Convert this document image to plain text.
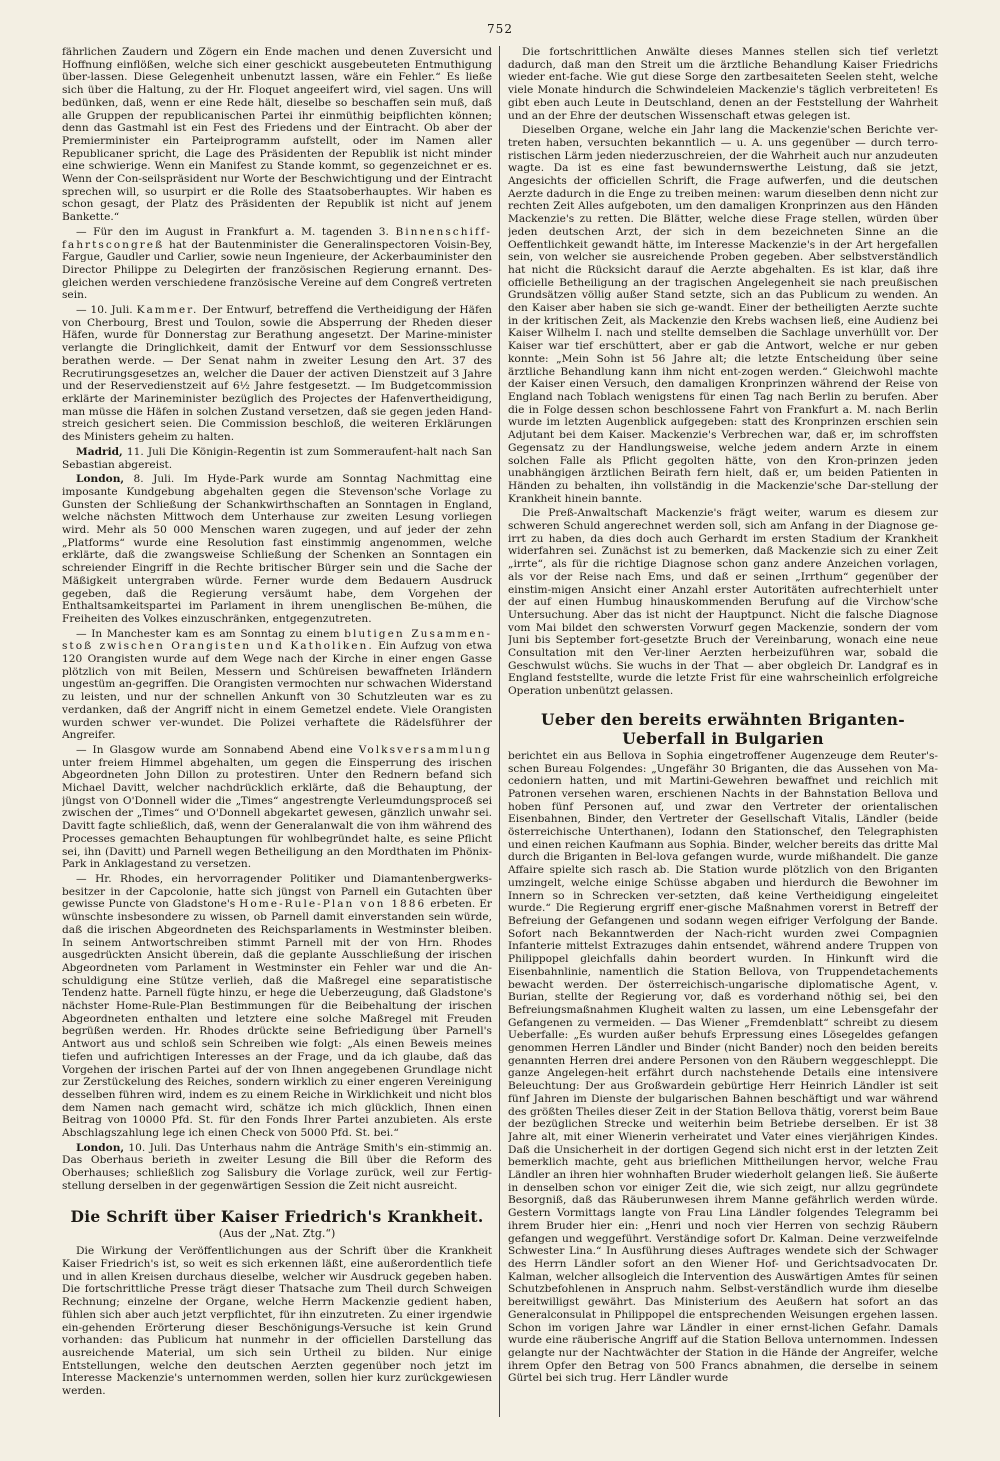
752

fährlichen Zaudern und Zögern ein Ende machen und denen Zuversicht und Hoffnung einflößen, welche sich einer geschickt ausgebeuteten Entmuthigung über-lassen. Diese Gelegenheit unbenutzt lassen, wäre ein Fehler.“ Es ließe sich über die Haltung, zu der Hr. Floquet angeeifert wird, viel sagen. Uns will bedünken, daß, wenn er eine Rede hält, dieselbe so beschaffen sein muß, daß alle Gruppen der republicanischen Partei ihr einmüthig beipflichten können; denn das Gastmahl ist ein Fest des Friedens und der Eintracht. Ob aber der Premierminister ein Parteiprogramm aufstellt, oder im Namen aller Republicaner spricht, die Lage des Präsidenten der Republik ist nicht minder eine schwierige. Wenn ein Manifest zu Stande kommt, so gegenzeichnet er es. Wenn der Con-seilspräsident nur Worte der Beschwichtigung und der Eintracht sprechen will, so usurpirt er die Rolle des Staatsoberhauptes. Wir haben es schon gesagt, der Platz des Präsidenten der Republik ist nicht auf jenem Bankette.“

— Für den im August in Frankfurt a. M. tagenden 3. Binnenschiff-fahrtscongreß hat der Bautenminister die Generalinspectoren Voisin-Bey, Fargue, Gaudler und Carlier, sowie neun Ingenieure, der Ackerbauminister den Director Philippe zu Delegirten der französischen Regierung ernannt. Des-gleichen werden verschiedene französische Vereine auf dem Congreß vertreten sein.

— 10. Juli. Kammer. Der Entwurf, betreffend die Vertheidigung der Häfen von Cherbourg, Brest und Toulon, sowie die Absperrung der Rheden dieser Häfen, wurde für Donnerstag zur Berathung angesetzt. Der Marine-minister verlangte die Dringlichkeit, damit der Entwurf vor dem Sessionsschlusse berathen werde. — Der Senat nahm in zweiter Lesung den Art. 37 des Recrutirungsgesetzes an, welcher die Dauer der activen Dienstzeit auf 3 Jahre und der Reservedienstzeit auf 6½ Jahre festgesetzt. — Im Budgetcommission erklärte der Marineminister bezüglich des Projectes der Hafenvertheidigung, man müsse die Häfen in solchen Zustand versetzen, daß sie gegen jeden Hand-streich gesichert seien. Die Commission beschloß, die weiteren Erklärungen des Ministers geheim zu halten.

Madrid, 11. Juli Die Königin-Regentin ist zum Sommeraufent-halt nach San Sebastian abgereist.

London, 8. Juli. Im Hyde-Park wurde am Sonntag Nachmittag eine imposante Kundgebung abgehalten gegen die Stevenson'sche Vorlage zu Gunsten der Schließung der Schankwirthschaften an Sonntagen in England, welche nächsten Mittwoch dem Unterhause zur zweiten Lesung vorliegen wird. Mehr als 50 000 Menschen waren zugegen, und auf jeder der zehn „Platforms“ wurde eine Resolution fast einstimmig angenommen, welche erklärte, daß die zwangsweise Schließung der Schenken an Sonntagen ein schreiender Eingriff in die Rechte britischer Bürger sein und die Sache der Mäßigkeit untergraben würde. Ferner wurde dem Bedauern Ausdruck gegeben, daß die Regierung versäumt habe, dem Vorgehen der Enthaltsamkeitspartei im Parlament in ihrem unenglischen Be-mühen, die Freiheiten des Volkes einzuschränken, entgegenzutreten.

— In Manchester kam es am Sonntag zu einem blutigen Zusammen-stoß zwischen Orangisten und Katholiken. Ein Aufzug von etwa 120 Orangisten wurde auf dem Wege nach der Kirche in einer engen Gasse plötzlich von mit Beilen, Messern und Schüreisen bewaffneten Irländern ungestüm an-gegriffen. Die Orangisten vermochten nur schwachen Widerstand zu leisten, und nur der schnellen Ankunft von 30 Schutzleuten war es zu verdanken, daß der Angriff nicht in einem Gemetzel endete. Viele Orangisten wurden schwer ver-wundet. Die Polizei verhaftete die Rädelsführer der Angreifer.

— In Glasgow wurde am Sonnabend Abend eine Volksversammlung unter freiem Himmel abgehalten, um gegen die Einsperrung des irischen Abgeordneten John Dillon zu protestiren. Unter den Rednern befand sich Michael Davitt, welcher nachdrücklich erklärte, daß die Behauptung, der jüngst von O'Donnell wider die „Times“ angestrengte Verleumdungsproceß sei zwischen der „Times“ und O'Donnell abgekartet gewesen, gänzlich unwahr sei. Davitt fagte schließlich, daß, wenn der Generalanwalt die von ihm während des Processes gemachten Behauptungen für wohlbegründet halte, es seine Pflicht sei, ihn (Davitt) und Parnell wegen Betheiligung an den Mordthaten im Phönix-Park in Anklagestand zu versetzen.

— Hr. Rhodes, ein hervorragender Politiker und Diamantenbergwerks-besitzer in der Capcolonie, hatte sich jüngst von Parnell ein Gutachten über gewisse Puncte von Gladstone's Home-Rule-Plan von 1886 erbeten. Er wünschte insbesondere zu wissen, ob Parnell damit einverstanden sein würde, daß die irischen Abgeordneten des Reichsparlaments in Westminster bleiben. In seinem Antwortschreiben stimmt Parnell mit der von Hrn. Rhodes ausgedrückten Ansicht überein, daß die geplante Ausschließung der irischen Abgeordneten vom Parlament in Westminster ein Fehler war und die An-schuldigung eine Stütze verlieh, daß die Maßregel eine separatistische Tendenz hatte. Parnell fügte hinzu, er hege die Ueberzeugung, daß Gladstone's nächster Home-Rule-Plan Bestimmungen für die Beibehaltung der irischen Abgeordneten enthalten und letztere eine solche Maßregel mit Freuden begrüßen werden. Hr. Rhodes drückte seine Befriedigung über Parnell's Antwort aus und schloß sein Schreiben wie folgt: „Als einen Beweis meines tiefen und aufrichtigen Interesses an der Frage, und da ich glaube, daß das Vorgehen der irischen Partei auf der von Ihnen angegebenen Grundlage nicht zur Zerstückelung des Reiches, sondern wirklich zu einer engeren Vereinigung desselben führen wird, indem es zu einem Reiche in Wirklichkeit und nicht blos dem Namen nach gemacht wird, schätze ich mich glücklich, Ihnen einen Beitrag von 10000 Pfd. St. für den Fonds Ihrer Partei anzubieten. Als erste Abschlagszahlung lege ich einen Check von 5000 Pfd. St. bei.“

London, 10. Juli. Das Unterhaus nahm die Anträge Smith's ein-stimmig an. Das Oberhaus berieth in zweiter Lesung die Bill über die Reform des Oberhauses; schließlich zog Salisbury die Vorlage zurück, weil zur Fertig-stellung derselben in der gegenwärtigen Session die Zeit nicht ausreicht.

Die Schrift über Kaiser Friedrich's Krankheit.
(Aus der „Nat. Ztg.“)

Die Wirkung der Veröffentlichungen aus der Schrift über die Krankheit Kaiser Friedrich's ist, so weit es sich erkennen läßt, eine außerordentlich tiefe und in allen Kreisen durchaus dieselbe, welcher wir Ausdruck gegeben haben. Die fortschrittliche Presse trägt dieser Thatsache zum Theil durch Schweigen Rechnung; einzelne der Organe, welche Herrn Mackenzie gedient haben, fühlen sich aber auch jetzt verpflichtet, für ihn einzutreten. Zu einer irgendwie ein-gehenden Erörterung dieser Beschönigungs-Versuche ist kein Grund vorhanden: das Publicum hat nunmehr in der officiellen Darstellung das ausreichende Material, um sich sein Urtheil zu bilden. Nur einige Entstellungen, welche den deutschen Aerzten gegenüber noch jetzt im Interesse Mackenzie's unternommen werden, sollen hier kurz zurückgewiesen werden.

Die fortschrittlichen Anwälte dieses Mannes stellen sich tief verletzt dadurch, daß man den Streit um die ärztliche Behandlung Kaiser Friedrichs wieder ent-fache. Wie gut diese Sorge den zartbesaiteten Seelen steht, welche viele Monate hindurch die Schwindeleien Mackenzie's täglich verbreiteten! Es gibt eben auch Leute in Deutschland, denen an der Feststellung der Wahrheit und an der Ehre der deutschen Wissenschaft etwas gelegen ist.

Dieselben Organe, welche ein Jahr lang die Mackenzie'schen Berichte ver-treten haben, versuchten bekanntlich — u. A. uns gegenüber — durch terro-ristischen Lärm jeden niederzuschreien, der die Wahrheit auch nur anzudeuten wagte. Da ist es eine fast bewundernswerthe Leistung, daß sie jetzt, Angesichts der officiellen Schrift, die Frage aufwerfen, und die deutschen Aerzte dadurch in die Enge zu treiben meinen: warum dieselben denn nicht zur rechten Zeit Alles aufgeboten, um den damaligen Kronprinzen aus den Händen Mackenzie's zu retten. Die Blätter, welche diese Frage stellen, würden über jeden deutschen Arzt, der sich in dem bezeichneten Sinne an die Oeffentlichkeit gewandt hätte, im Interesse Mackenzie's in der Art hergefallen sein, von welcher sie ausreichende Proben gegeben. Aber selbstverständlich hat nicht die Rücksicht darauf die Aerzte abgehalten. Es ist klar, daß ihre officielle Betheiligung an der tragischen Angelegenheit sie nach preußischen Grundsätzen völlig außer Stand setzte, sich an das Publicum zu wenden. An den Kaiser aber haben sie sich ge-wandt. Einer der betheiligten Aerzte suchte in der kritischen Zeit, als Mackenzie den Krebs wachsen ließ, eine Audienz bei Kaiser Wilhelm I. nach und stellte demselben die Sachlage unverhüllt vor. Der Kaiser war tief erschüttert, aber er gab die Antwort, welche er nur geben konnte: „Mein Sohn ist 56 Jahre alt; die letzte Entscheidung über seine ärztliche Behandlung kann ihm nicht ent-zogen werden.“ Gleichwohl machte der Kaiser einen Versuch, den damaligen Kronprinzen während der Reise von England nach Toblach wenigstens für einen Tag nach Berlin zu berufen. Aber die in Folge dessen schon beschlossene Fahrt von Frankfurt a. M. nach Berlin wurde im letzten Augenblick aufgegeben: statt des Kronprinzen erschien sein Adjutant bei dem Kaiser. Mackenzie's Verbrechen war, daß er, im schroffsten Gegensatz zu der Handlungsweise, welche jedem andern Arzte in einem solchen Falle als Pflicht gegolten hätte, von den Kron-prinzen jeden unabhängigen ärztlichen Beirath fern hielt, daß er, um beiden Patienten in Händen zu behalten, ihn vollständig in die Mackenzie'sche Dar-stellung der Krankheit hinein bannte.

Die Preß-Anwaltschaft Mackenzie's frägt weiter, warum es diesem zur schweren Schuld angerechnet werden soll, sich am Anfang in der Diagnose ge-irrt zu haben, da dies doch auch Gerhardt im ersten Stadium der Krankheit widerfahren sei. Zunächst ist zu bemerken, daß Mackenzie sich zu einer Zeit „irrte“, als für die richtige Diagnose schon ganz andere Anzeichen vorlagen, als vor der Reise nach Ems, und daß er seinen „Irrthum“ gegenüber der einstim-migen Ansicht einer Anzahl erster Autoritäten aufrechterhielt unter der auf einen Humbug hinauskommenden Berufung auf die Virchow'sche Untersuchung. Aber das ist nicht der Hauptpunct. Nicht die falsche Diagnose vom Mai bildet den schwersten Vorwurf gegen Mackenzie, sondern der vom Juni bis September fort-gesetzte Bruch der Vereinbarung, wonach eine neue Consultation mit den Ver-liner Aerzten herbeizuführen war, sobald die Geschwulst wüchs. Sie wuchs in der That — aber obgleich Dr. Landgraf es in England feststellte, wurde die letzte Frist für eine wahrscheinlich erfolgreiche Operation unbenützt gelassen.

Ueber den bereits erwähnten Briganten-Ueberfall in Bulgarien

berichtet ein aus Bellova in Sophia eingetroffener Augenzeuge dem Reuter's-schen Bureau Folgendes: „Ungefähr 30 Briganten, die das Aussehen von Ma-cedoniern hatten, und mit Martini-Gewehren bewaffnet und reichlich mit Patronen versehen waren, erschienen Nachts in der Bahnstation Bellova und hoben fünf Personen auf, und zwar den Vertreter der orientalischen Eisenbahnen, Binder, den Vertreter der Gesellschaft Vitalis, Ländler (beide österreichische Unterthanen), Iodann den Stationschef, den Telegraphisten und einen reichen Kaufmann aus Sophia. Binder, welcher bereits das dritte Mal durch die Briganten in Bel-lova gefangen wurde, wurde mißhandelt. Die ganze Affaire spielte sich rasch ab. Die Station wurde plötzlich von den Briganten umzingelt, welche einige Schüsse abgaben und hierdurch die Bewohner im Innern so in Schrecken ver-setzten, daß keine Vertheidigung eingeleitet wurde.“ Die Regierung ergriff ener-gische Maßnahmen vorerst in Betreff der Befreiung der Gefangenen und sodann wegen eifriger Verfolgung der Bande. Sofort nach Bekanntwerden der Nach-richt wurden zwei Compagnien Infanterie mittelst Extrazuges dahin entsendet, während andere Truppen von Philippopel gleichfalls dahin beordert wurden. In Hinkunft wird die Eisenbahnlinie, namentlich die Station Bellova, von Truppendetachements bewacht werden. Der österreichisch-ungarische diplomatische Agent, v. Burian, stellte der Regierung vor, daß es vorderhand nöthig sei, bei den Befreiungsmaßnahmen Klugheit walten zu lassen, um eine Lebensgefahr der Gefangenen zu vermeiden. — Das Wiener „Fremdenblatt“ schreibt zu diesem Ueberfalle: „Es wurden außer behufs Erpressung eines Lösegeldes gefangen genommen Herren Ländler und Binder (nicht Bander) noch den beiden bereits genannten Herren drei andere Personen von den Räubern weggeschleppt. Die ganze Angelegen-heit erfährt durch nachstehende Details eine intensivere Beleuchtung: Der aus Großwardein gebürtige Herr Heinrich Ländler ist seit fünf Jahren im Dienste der bulgarischen Bahnen beschäftigt und war während des größten Theiles dieser Zeit in der Station Bellova thätig, vorerst beim Baue der bezüglichen Strecke und weiterhin beim Betriebe derselben. Er ist 38 Jahre alt, mit einer Wienerin verheiratet und Vater eines vierjährigen Kindes. Daß die Unsicherheit in der dortigen Gegend sich nicht erst in der letzten Zeit bemerklich machte, geht aus brieflichen Mittheilungen hervor, welche Frau Ländler an ihren hier wohnhaften Bruder wiederholt gelangen ließ. Sie äußerte in denselben schon vor einiger Zeit die, wie sich zeigt, nur allzu gegründete Besorgniß, daß das Räuberunwesen ihrem Manne gefährlich werden würde. Gestern Vormittags langte von Frau Lina Ländler folgendes Telegramm bei ihrem Bruder hier ein: „Henri und noch vier Herren von sechzig Räubern gefangen und weggeführt. Verständige sofort Dr. Kalman. Deine verzweifelnde Schwester Lina.“ In Ausführung dieses Auftrages wendete sich der Schwager des Herrn Ländler sofort an den Wiener Hof- und Gerichtsadvocaten Dr. Kalman, welcher allsogleich die Intervention des Auswärtigen Amtes für seinen Schutzbefohlenen in Anspruch nahm. Selbst-verständlich wurde ihm dieselbe bereitwilligst gewährt. Das Ministerium des Aeußern hat sofort an das Generalconsulat in Philippopel die entsprechenden Weisungen ergehen lassen. Schon im vorigen Jahre war Ländler in einer ernst-lichen Gefahr. Damals wurde eine räuberische Angriff auf die Station Bellova unternommen. Indessen gelangte nur der Nachtwächter der Station in die Hände der Angreifer, welche ihrem Opfer den Betrag von 500 Francs abnahmen, die derselbe in seinem Gürtel bei sich trug. Herr Ländler wurde
